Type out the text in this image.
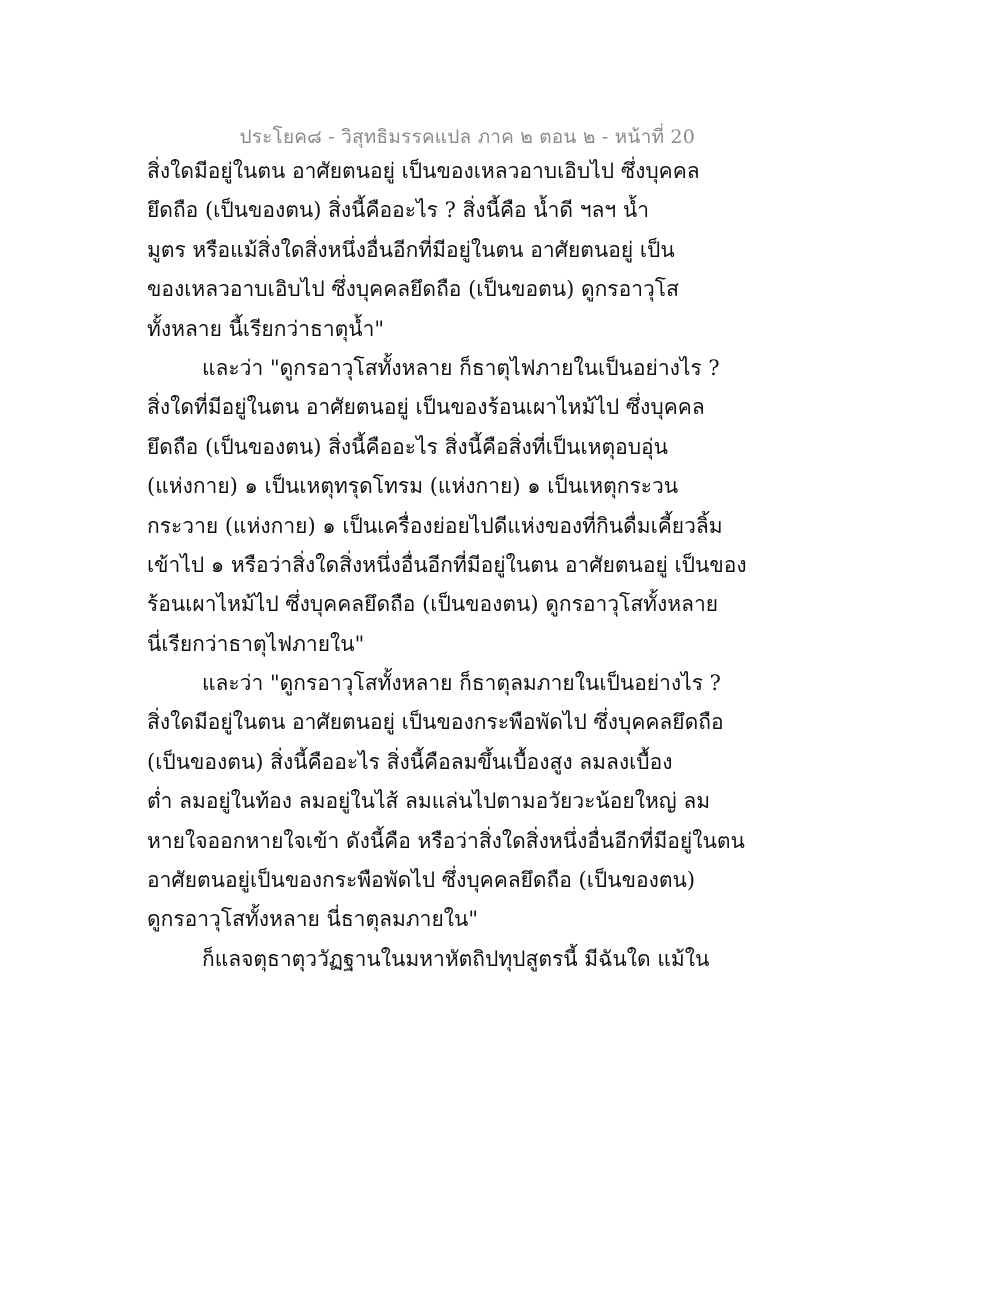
ประโยค๘ - วิสุทธิมรรคแปล ภาค ๒ ตอน ๒ - หน้าที่ 20
สิ่งใดมีอยู่ในตน อาศัยตนอยู่ เป็นของเหลวอาบเอิบไป ซึ่งบุคคล
ยึดถือ (เป็นของตน) สิ่งนี้คืออะไร ? สิ่งนี้คือ น้ำดี ฯลฯ น้ำ
มูตร หรือแม้สิ่งใดสิ่งหนึ่งอื่นอีกที่มีอยู่ในตน อาศัยตนอยู่ เป็น
ของเหลวอาบเอิบไป ซึ่งบุคคลยึดถือ (เป็นขอตน) ดูกรอาวุโส
ทั้งหลาย นี้เรียกว่าธาตุน้ำ"
และว่า "ดูกรอาวุโสทั้งหลาย ก็ธาตุไฟภายในเป็นอย่างไร ?
สิ่งใดที่มีอยู่ในตน อาศัยตนอยู่ เป็นของร้อนเผาไหม้ไป ซึ่งบุคคล
ยึดถือ (เป็นของตน) สิ่งนี้คืออะไร สิ่งนี้คือสิ่งที่เป็นเหตุอบอุ่น
(แห่งกาย) ๑ เป็นเหตุทรุดโทรม (แห่งกาย) ๑ เป็นเหตุกระวน
กระวาย (แห่งกาย) ๑ เป็นเครื่องย่อยไปดีแห่งของที่กินดื่มเคี้ยวลิ้ม
เข้าไป ๑ หรือว่าสิ่งใดสิ่งหนึ่งอื่นอีกที่มีอยู่ในตน อาศัยตนอยู่ เป็นของ
ร้อนเผาไหม้ไป ซึ่งบุคคลยึดถือ (เป็นของตน) ดูกรอาวุโสทั้งหลาย
นี่เรียกว่าธาตุไฟภายใน"
และว่า "ดูกรอาวุโสทั้งหลาย ก็ธาตุลมภายในเป็นอย่างไร ?
สิ่งใดมีอยู่ในตน อาศัยตนอยู่ เป็นของกระพือพัดไป ซึ่งบุคคลยึดถือ
(เป็นของตน) สิ่งนี้คืออะไร สิ่งนี้คือลมขึ้นเบื้องสูง ลมลงเบื้อง
ต่ำ ลมอยู่ในท้อง ลมอยู่ในไส้ ลมแล่นไปตามอวัยวะน้อยใหญ่ ลม
หายใจออกหายใจเข้า ดังนี้คือ หรือว่าสิ่งใดสิ่งหนึ่งอื่นอีกที่มีอยู่ในตน
อาศัยตนอยู่เป็นของกระพือพัดไป ซึ่งบุคคลยึดถือ (เป็นของตน)
ดูกรอาวุโสทั้งหลาย นี่ธาตุลมภายใน"
ก็แลจตุธาตุววัฏฐานในมหาหัตถิปทุปสูตรนี้ มีฉันใด แม้ใน
